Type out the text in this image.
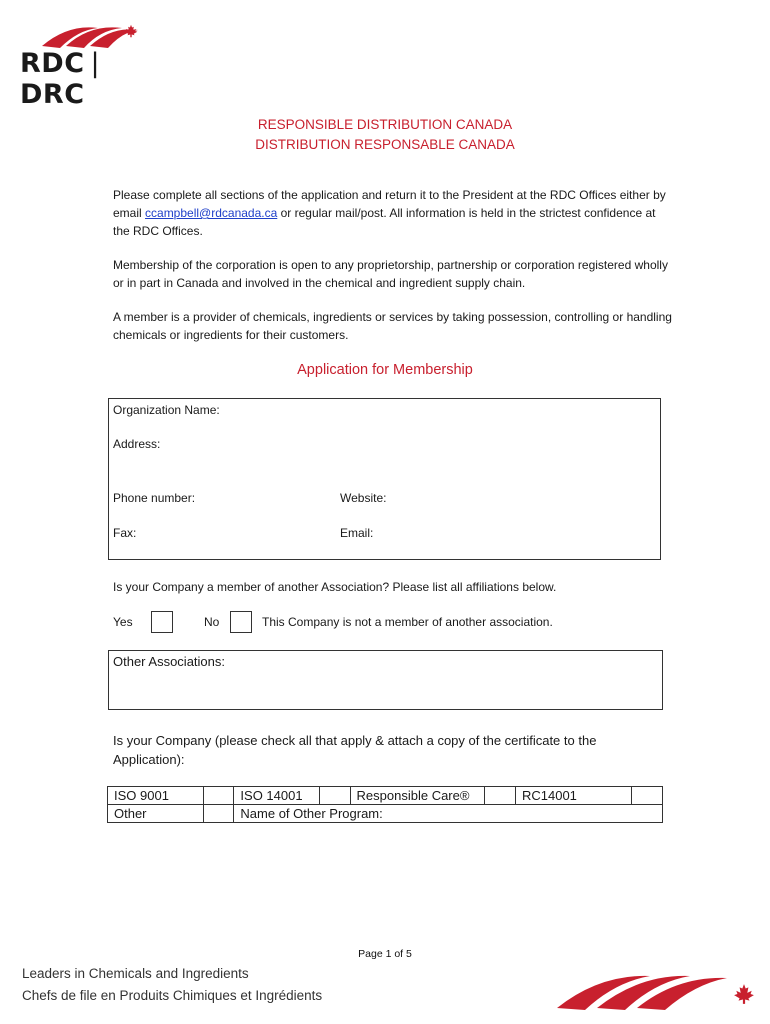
RDC |DRC
RESPONSIBLE DISTRIBUTION CANADA
DISTRIBUTION RESPONSABLE CANADA
Please complete all sections of the application and return it to the President at the RDC Offices either by email ccampbell@rdcanada.ca or regular mail/post. All information is held in the strictest confidence at the RDC Offices.
Membership of the corporation is open to any proprietorship, partnership or corporation registered wholly or in part in Canada and involved in the chemical and ingredient supply chain.
A member is a provider of chemicals, ingredients or services by taking possession, controlling or handling chemicals or ingredients for their customers.
Application for Membership
Organization Name:
Address:
Phone number:	Website:
Fax:	Email:
Is your Company a member of another Association? Please list all affiliations below.
Yes	No	This Company is not a member of another association.
Other Associations:
Is your Company (please check all that apply & attach a copy of the certificate to the Application):
ISO 9001		ISO 14001		Responsible Care®		RC14001	
Other		Name of Other Program:					
Page 1 of 5
Leaders in Chemicals and Ingredients
Chefs de file en Produits Chimiques et Ingrédients
